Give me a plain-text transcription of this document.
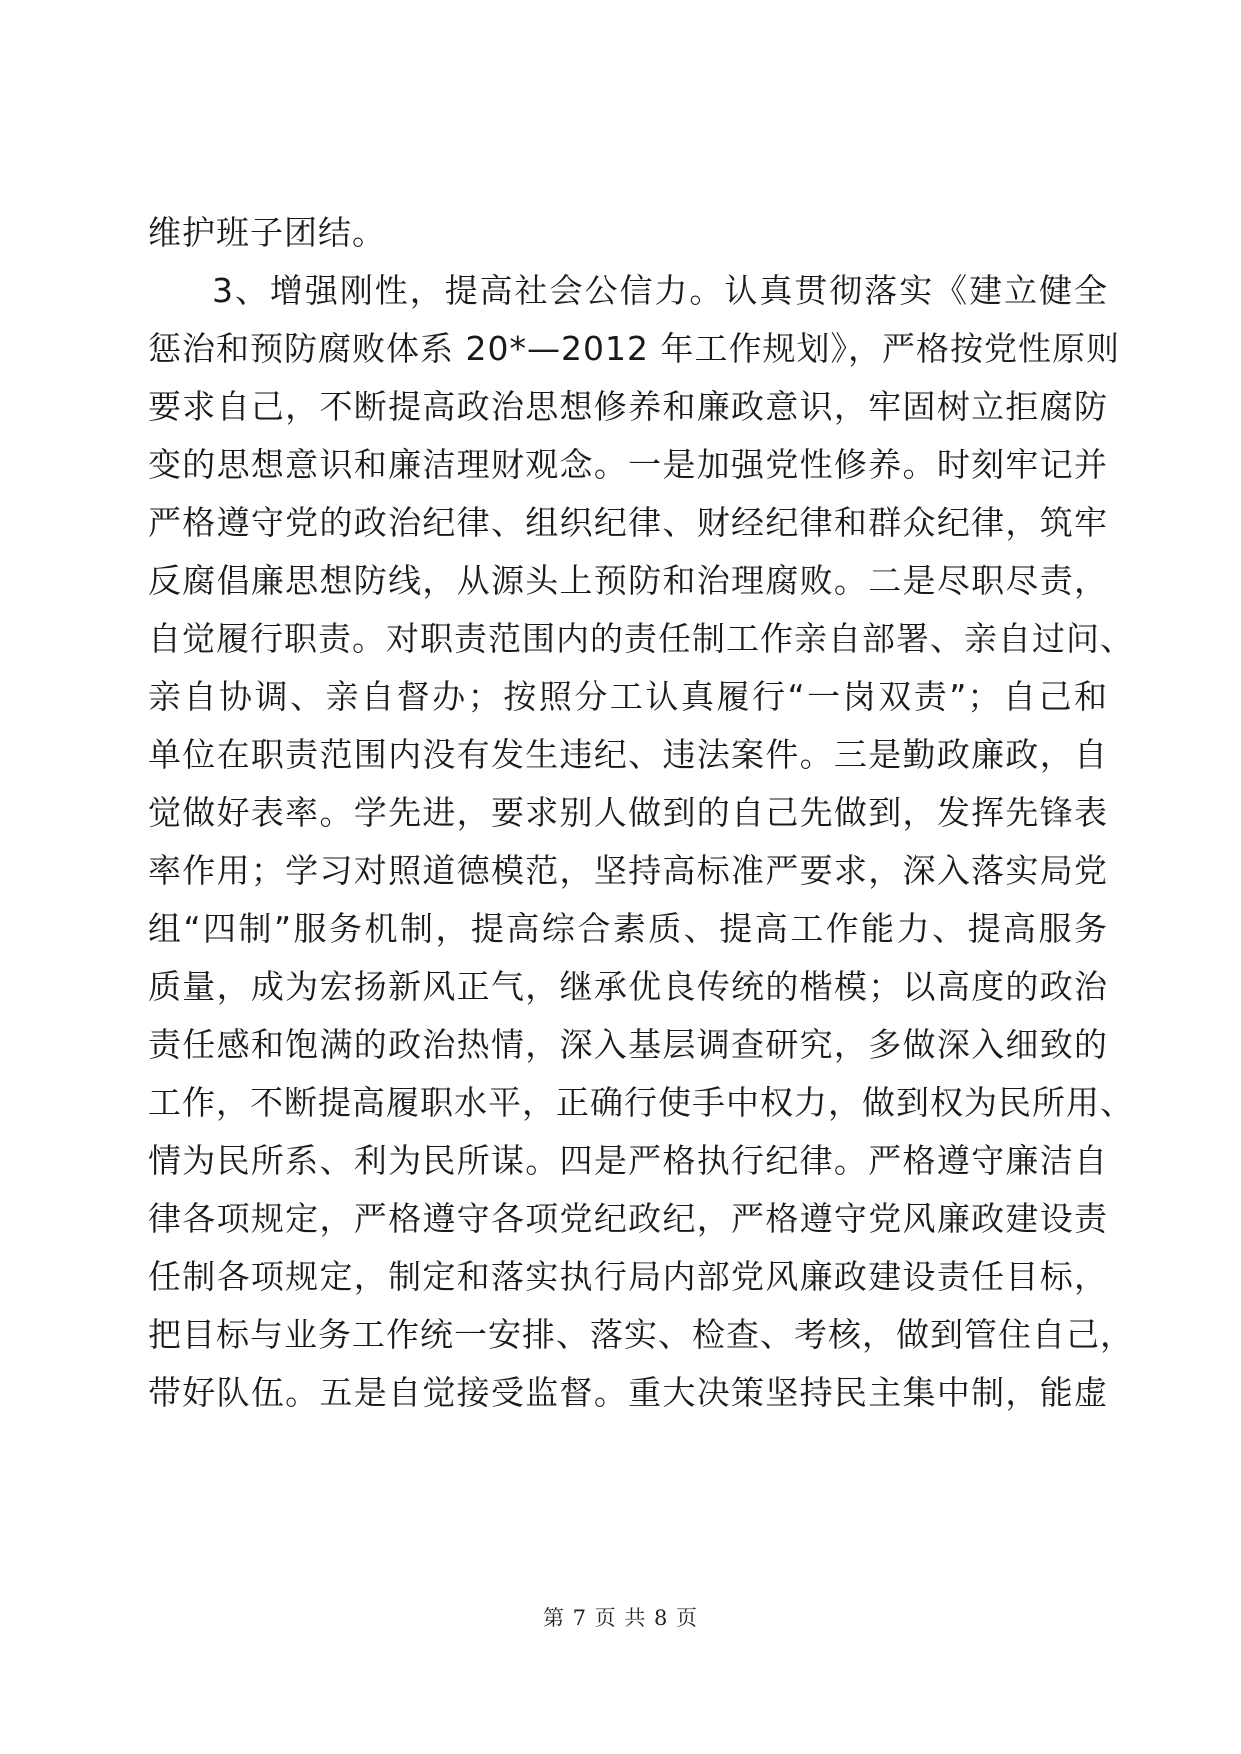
维护班子团结。
3、增强刚性，提高社会公信力。认真贯彻落实《建立健全
惩治和预防腐败体系 20*—2012 年工作规划》，严格按党性原则
要求自己，不断提高政治思想修养和廉政意识，牢固树立拒腐防
变的思想意识和廉洁理财观念。一是加强党性修养。时刻牢记并
严格遵守党的政治纪律、组织纪律、财经纪律和群众纪律，筑牢
反腐倡廉思想防线，从源头上预防和治理腐败。二是尽职尽责，
自觉履行职责。对职责范围内的责任制工作亲自部署、亲自过问、
亲自协调、亲自督办；按照分工认真履行“一岗双责”；自己和
单位在职责范围内没有发生违纪、违法案件。三是勤政廉政，自
觉做好表率。学先进，要求别人做到的自己先做到，发挥先锋表
率作用；学习对照道德模范，坚持高标准严要求，深入落实局党
组“四制”服务机制，提高综合素质、提高工作能力、提高服务
质量，成为宏扬新风正气，继承优良传统的楷模；以高度的政治
责任感和饱满的政治热情，深入基层调查研究，多做深入细致的
工作，不断提高履职水平，正确行使手中权力，做到权为民所用、
情为民所系、利为民所谋。四是严格执行纪律。严格遵守廉洁自
律各项规定，严格遵守各项党纪政纪，严格遵守党风廉政建设责
任制各项规定，制定和落实执行局内部党风廉政建设责任目标，
把目标与业务工作统一安排、落实、检查、考核，做到管住自己，
带好队伍。五是自觉接受监督。重大决策坚持民主集中制，能虚
第 7 页 共 8 页
